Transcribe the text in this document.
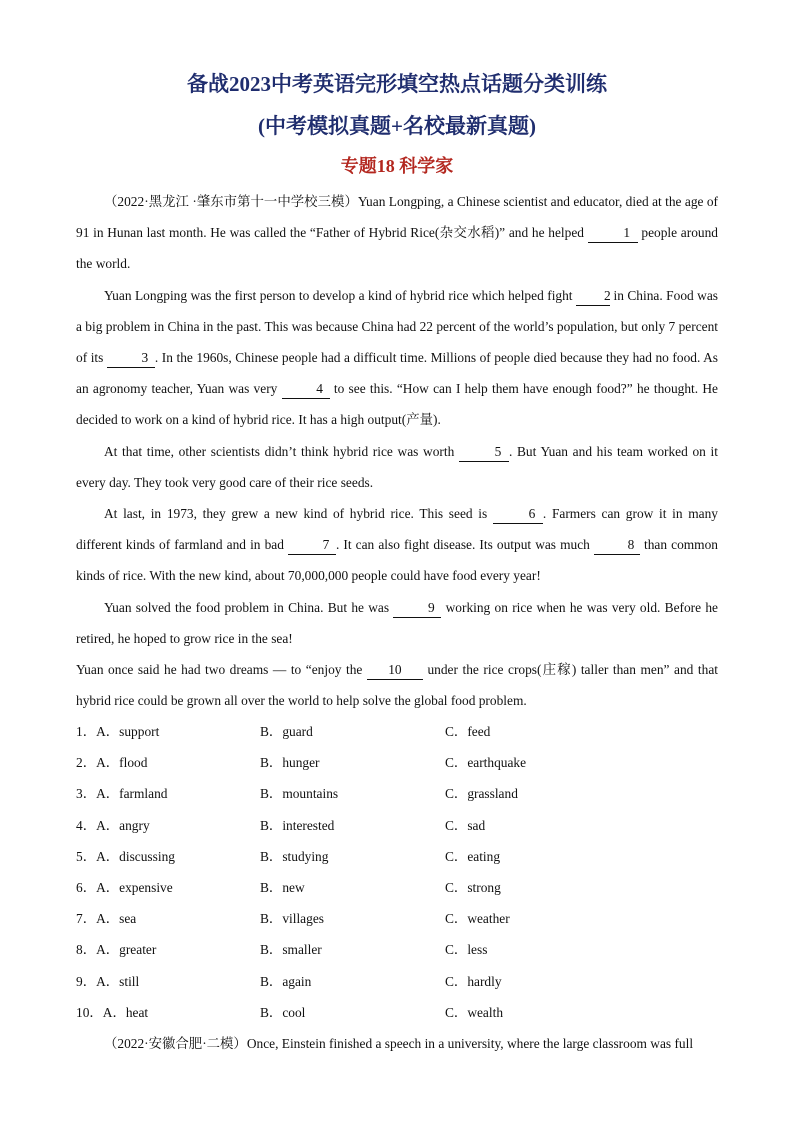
备战2023中考英语完形填空热点话题分类训练
(中考模拟真题+名校最新真题)
专题18 科学家

（2022·黑龙江 ·肇东市第十一中学校三模）Yuan Longping, a Chinese scientist and educator, died at the age of 91 in Hunan last month. He was called the “Father of Hybrid Rice(杂交水稻)” and he helped	1 people around the world.

Yuan Longping was the first person to develop a kind of hybrid rice which helped fight 2 in China. Food was a big problem in China in the past. This was because China had 22 percent of the world’s population, but only 7 percent of its	3 . In the 1960s, Chinese people had a difficult time. Millions of people died because they had no food. As an agronomy teacher, Yuan was very	4 to see this. “How can I help them have enough food?” he thought. He decided to work on a kind of hybrid rice. It has a high output(产量).

At that time, other scientists didn’t think hybrid rice was worth	5 . But Yuan and his team worked on it every day. They took very good care of their rice seeds.

At last, in 1973, they grew a new kind of hybrid rice. This seed is	6 . Farmers can grow it in many different kinds of farmland and in bad	7 . It can also fight disease. Its output was much	8 than common kinds of rice. With the new kind, about 70,000,000 people could have food every year!

Yuan solved the food problem in China. But he was	9 working on rice when he was very old. Before he retired, he hoped to grow rice in the sea!

Yuan once said he had two dreams — to “enjoy the 10 under the rice crops(庄稼) taller than men” and that hybrid rice could be grown all over the world to help solve the global food problem.

1．A．support	B．guard	C．feed
2．A．flood	B．hunger	C．earthquake
3．A．farmland	B．mountains	C．grassland
4．A．angry	B．interested	C．sad
5．A．discussing	B．studying	C．eating
6．A．expensive	B．new	C．strong
7．A．sea	B．villages	C．weather
8．A．greater	B．smaller	C．less
9．A．still	B．again	C．hardly
10．A．heat	B．cool	C．wealth
（2022·安徽合肥·二模）Once, Einstein finished a speech in a university, where the large classroom was full
